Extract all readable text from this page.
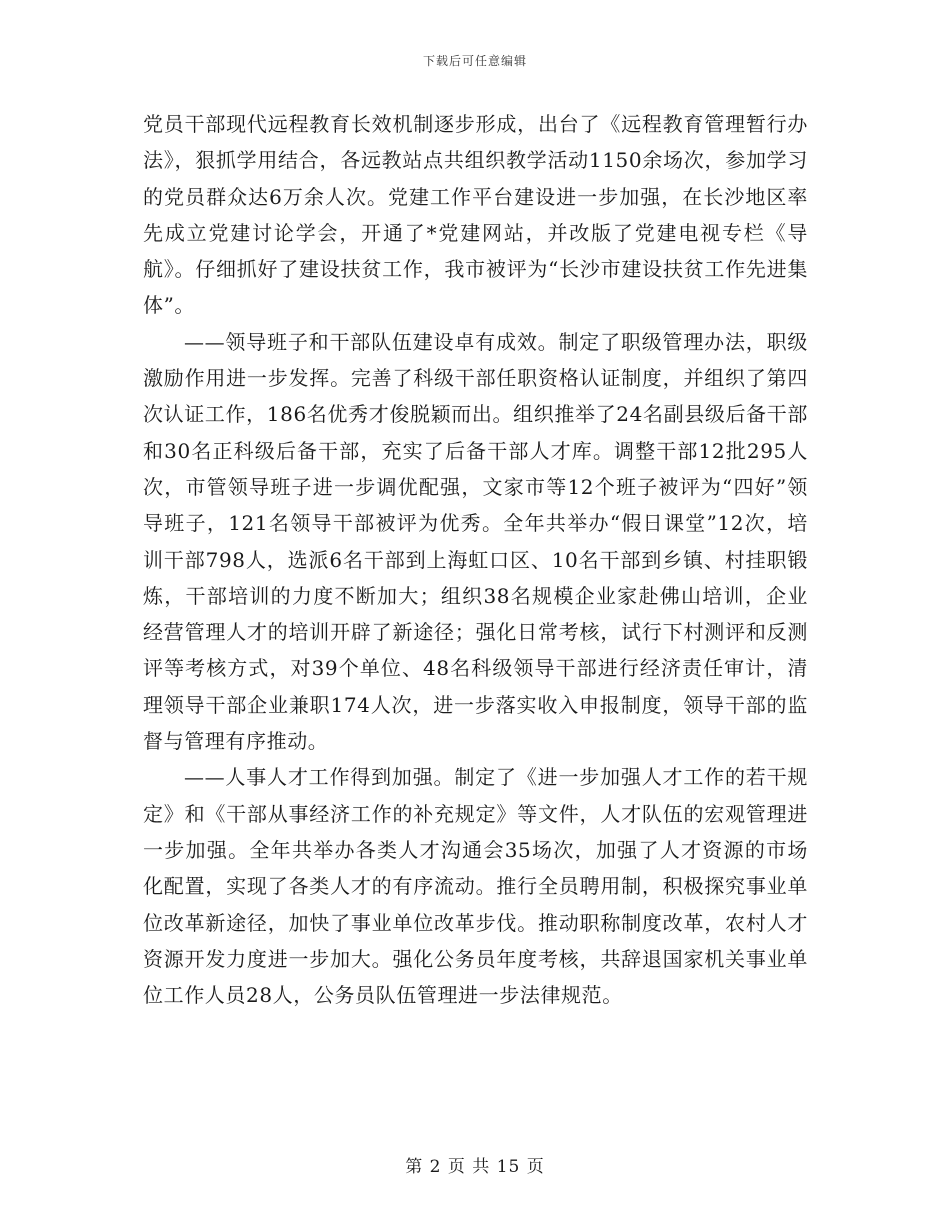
下载后可任意编辑

党员干部现代远程教育长效机制逐步形成，出台了《远程教育管理暂行办法》，狠抓学用结合，各远教站点共组织教学活动1150余场次，参加学习的党员群众达6万余人次。党建工作平台建设进一步加强，在长沙地区率先成立党建讨论学会，开通了*党建网站，并改版了党建电视专栏《导航》。仔细抓好了建设扶贫工作，我市被评为“长沙市建设扶贫工作先进集体”。

——领导班子和干部队伍建设卓有成效。制定了职级管理办法，职级激励作用进一步发挥。完善了科级干部任职资格认证制度，并组织了第四次认证工作，186名优秀才俊脱颖而出。组织推举了24名副县级后备干部和30名正科级后备干部，充实了后备干部人才库。调整干部12批295人次，市管领导班子进一步调优配强，文家市等12个班子被评为“四好”领导班子，121名领导干部被评为优秀。全年共举办“假日课堂”12次，培训干部798人，选派6名干部到上海虹口区、10名干部到乡镇、村挂职锻炼，干部培训的力度不断加大；组织38名规模企业家赴佛山培训，企业经营管理人才的培训开辟了新途径；强化日常考核，试行下村测评和反测评等考核方式，对39个单位、48名科级领导干部进行经济责任审计，清理领导干部企业兼职174人次，进一步落实收入申报制度，领导干部的监督与管理有序推动。

——人事人才工作得到加强。制定了《进一步加强人才工作的若干规定》和《干部从事经济工作的补充规定》等文件，人才队伍的宏观管理进一步加强。全年共举办各类人才沟通会35场次，加强了人才资源的市场化配置，实现了各类人才的有序流动。推行全员聘用制，积极探究事业单位改革新途径，加快了事业单位改革步伐。推动职称制度改革，农村人才资源开发力度进一步加大。强化公务员年度考核，共辞退国家机关事业单位工作人员28人，公务员队伍管理进一步法律规范。

第 2 页 共 15 页
